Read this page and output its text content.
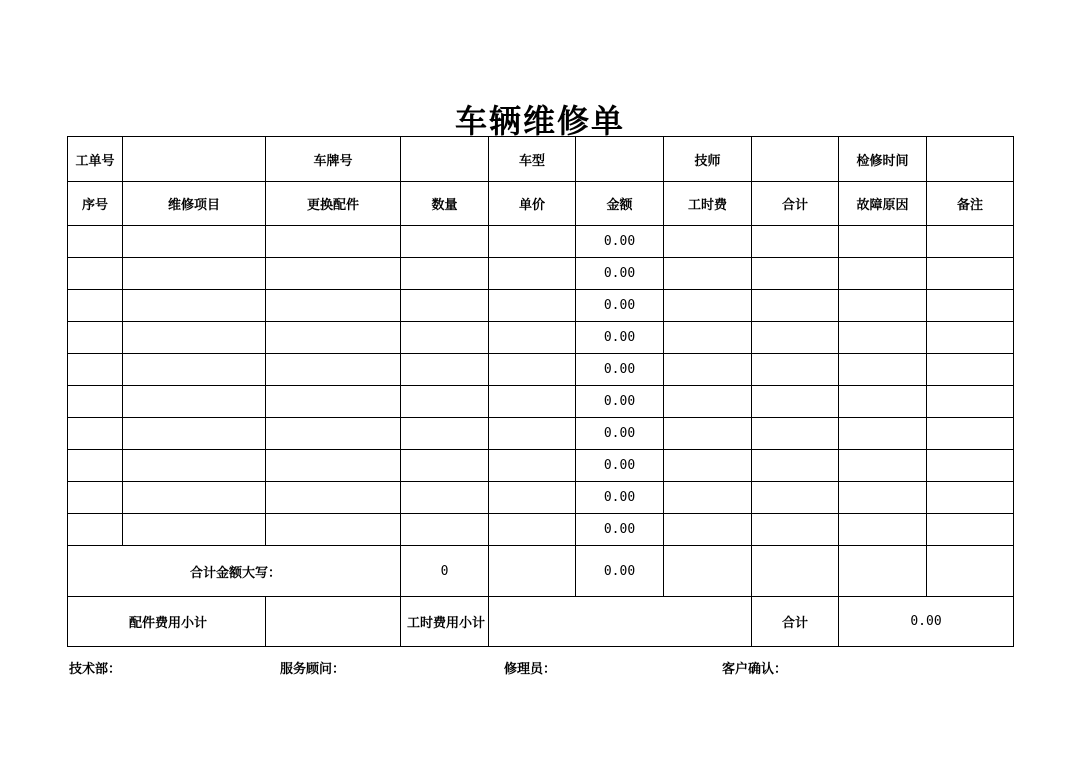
车辆维修单
工单号		车牌号		车型		技师		检修时间	
序号	维修项目	更换配件	数量	单价	金额	工时费	合计	故障原因	备注
					0.00				
					0.00				
					0.00				
					0.00				
					0.00				
					0.00				
					0.00				
					0.00				
					0.00				
					0.00				
合计金额大写：			0		0.00				
配件费用小计			工时费用小计				合计	0.00	
技术部：	服务顾问：	修理员：	客户确认：
